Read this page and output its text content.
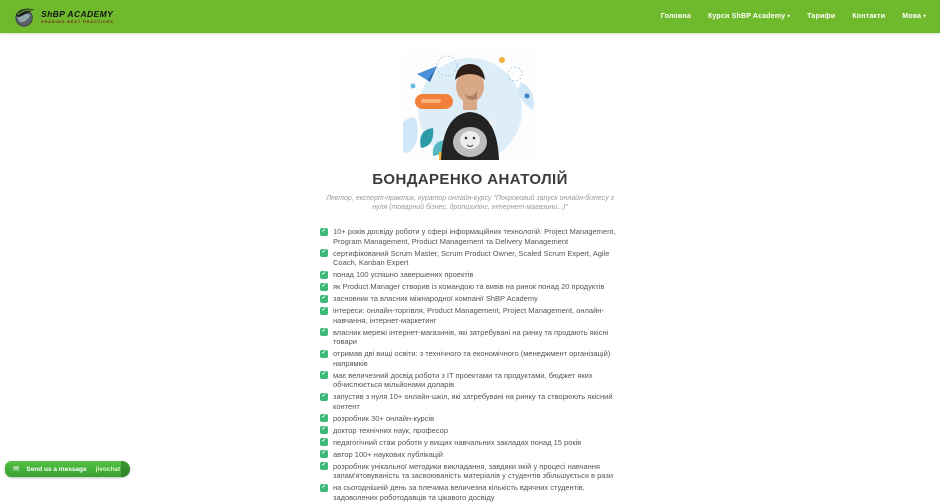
ShBP ACADEMY
SHARING BEST PRACTICES
Головна Курси ShBP Academy ▾ Тарифи Контакти Мова ▾
БОНДАРЕНКО АНАТОЛІЙ
Лектор, експерт-практик, куратор онлайн-курсу "Покроковий запуск онлайн-бізнесу з нуля (товарний бізнес, дропшипінг, інтернет-магазини...)"
✓ 10+ років досвіду роботи у сфері інформаційних технологій: Project Management, Program Management, Product Management та Delivery Management
✓ сертифікований Scrum Master, Scrum Product Owner, Scaled Scrum Expert, Agile Coach, Kanban Expert
✓ понад 100 успішно завершених проектів
✓ як Product Manager створив із командою та вивів на ринок понад 20 продуктів
✓ засновник та власник міжнародної компанії ShBP Academy
✓ інтереси: онлайн-торгівля, Product Management, Project Management, онлайн-навчання, інтернет-маркетинг
✓ власник мережі інтернет-магазинів, які затребувані на ринку та продають якісні товари
✓ отримав дві вищі освіти: з технічного та економічного (менеджмент організацій) напрямків
✓ має величезний досвід роботи з IT проектами та продуктами, бюджет яких обчислюється мільйонами доларів
✓ запустив з нуля 10+ онлайн-шкіл, які затребувані на ринку та створюють якісний контент
✓ розробник 30+ онлайн-курсів
✓ доктор технічних наук, професор
✓ педагогічний стаж роботи у вищих навчальних закладах понад 15 років
✓ автор 100+ наукових публікацій
✓ розробник унікальної методики викладання, завдяки якій у процесі навчання запам'ятовуваність та засвоюваність матеріалів у студентів збільшується в рази
✓ на сьогоднішній день за плечима величезна кількість вдячних студентів, задоволених роботодавців та цікавого досвіду
✉ Send us a message jivochat
